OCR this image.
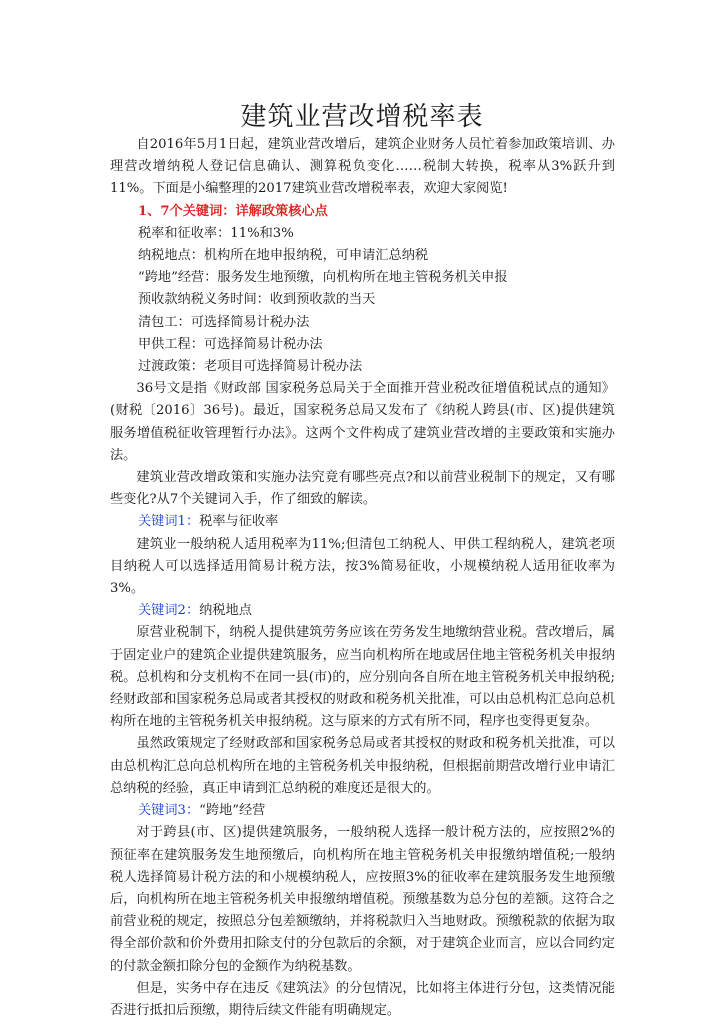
建筑业营改增税率表

自2016年5月1日起，建筑业营改增后，建筑企业财务人员忙着参加政策培训、办理营改增纳税人登记信息确认、测算税负变化……税制大转换，税率从3%跃升到11%。下面是小编整理的2017建筑业营改增税率表，欢迎大家阅览!

1、7个关键词：详解政策核心点

税率和征收率：11%和3%

纳税地点：机构所在地申报纳税，可申请汇总纳税

“跨地”经营：服务发生地预缴，向机构所在地主管税务机关申报

预收款纳税义务时间：收到预收款的当天

清包工：可选择简易计税办法

甲供工程：可选择简易计税办法

过渡政策：老项目可选择简易计税办法

36号文是指《财政部 国家税务总局关于全面推开营业税改征增值税试点的通知》(财税〔2016〕36号)。最近，国家税务总局又发布了《纳税人跨县(市、区)提供建筑服务增值税征收管理暂行办法》。这两个文件构成了建筑业营改增的主要政策和实施办法。

建筑业营改增政策和实施办法究竟有哪些亮点?和以前营业税制下的规定，又有哪些变化?从7个关键词入手，作了细致的解读。

关键词1：税率与征收率

建筑业一般纳税人适用税率为11%;但清包工纳税人、甲供工程纳税人，建筑老项目纳税人可以选择适用简易计税方法，按3%简易征收，小规模纳税人适用征收率为3%。

关键词2：纳税地点

原营业税制下，纳税人提供建筑劳务应该在劳务发生地缴纳营业税。营改增后，属于固定业户的建筑企业提供建筑服务，应当向机构所在地或居住地主管税务机关申报纳税。总机构和分支机构不在同一县(市)的，应分别向各自所在地主管税务机关申报纳税;经财政部和国家税务总局或者其授权的财政和税务机关批准，可以由总机构汇总向总机构所在地的主管税务机关申报纳税。这与原来的方式有所不同，程序也变得更复杂。

虽然政策规定了经财政部和国家税务总局或者其授权的财政和税务机关批准，可以由总机构汇总向总机构所在地的主管税务机关申报纳税，但根据前期营改增行业申请汇总纳税的经验，真正申请到汇总纳税的难度还是很大的。

关键词3：“跨地”经营

对于跨县(市、区)提供建筑服务，一般纳税人选择一般计税方法的，应按照2%的预征率在建筑服务发生地预缴后，向机构所在地主管税务机关申报缴纳增值税;一般纳税人选择简易计税方法的和小规模纳税人，应按照3%的征收率在建筑服务发生地预缴后，向机构所在地主管税务机关申报缴纳增值税。预缴基数为总分包的差额。这符合之前营业税的规定，按照总分包差额缴纳，并将税款归入当地财政。预缴税款的依据为取得全部价款和价外费用扣除支付的分包款后的余额，对于建筑企业而言，应以合同约定的付款金额扣除分包的金额作为纳税基数。

但是，实务中存在违反《建筑法》的分包情况，比如将主体进行分包，这类情况能否进行抵扣后预缴，期待后续文件能有明确规定。
